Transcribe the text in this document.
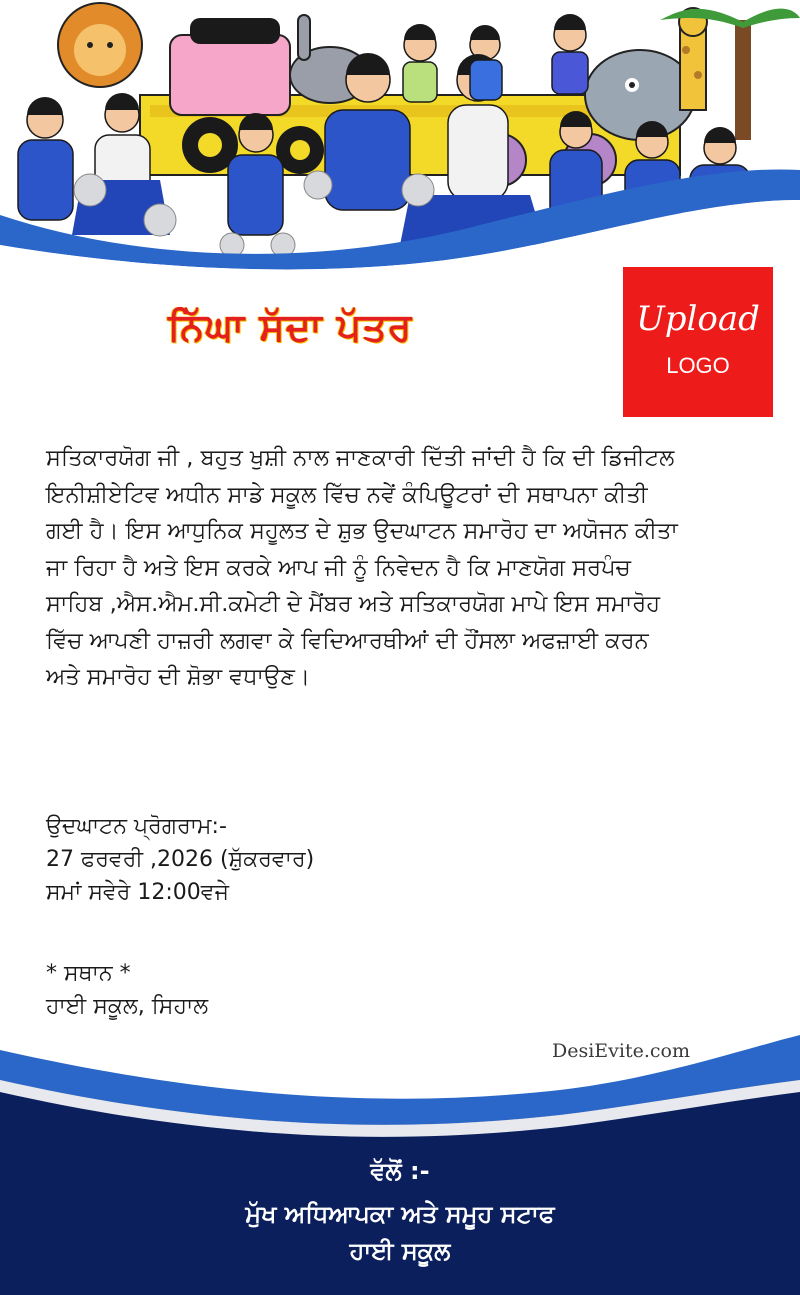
ਨਿੱਘਾ ਸੱਦਾ ਪੱਤਰ	Upload
LOGO

ਸਤਿਕਾਰਯੋਗ ਜੀ , ਬਹੁਤ ਖੁਸ਼ੀ ਨਾਲ ਜਾਣਕਾਰੀ ਦਿੱਤੀ ਜਾਂਦੀ ਹੈ ਕਿ ਦੀ ਡਿਜੀਟਲ ਇਨੀਸ਼ੀਏਟਿਵ ਅਧੀਨ ਸਾਡੇ ਸਕੂਲ ਵਿੱਚ ਨਵੇਂ ਕੰਪਿਊਟਰਾਂ ਦੀ ਸਥਾਪਨਾ ਕੀਤੀ ਗਈ ਹੈ। ਇਸ ਆਧੁਨਿਕ ਸਹੂਲਤ ਦੇ ਸ਼ੁਭ ਉਦਘਾਟਨ ਸਮਾਰੋਹ ਦਾ ਅਯੋਜਨ ਕੀਤਾ ਜਾ ਰਿਹਾ ਹੈ ਅਤੇ ਇਸ ਕਰਕੇ ਆਪ ਜੀ ਨੂੰ ਨਿਵੇਦਨ ਹੈ ਕਿ ਮਾਣਯੋਗ ਸਰਪੰਚ ਸਾਹਿਬ ,ਐਸ.ਐਮ.ਸੀ.ਕਮੇਟੀ ਦੇ ਮੈਂਬਰ ਅਤੇ ਸਤਿਕਾਰਯੋਗ ਮਾਪੇ ਇਸ ਸਮਾਰੋਹ ਵਿੱਚ ਆਪਣੀ ਹਾਜ਼ਰੀ ਲਗਵਾ ਕੇ ਵਿਦਿਆਰਥੀਆਂ ਦੀ ਹੌਂਸਲਾ ਅਫਜ਼ਾਈ ਕਰਨ ਅਤੇ ਸਮਾਰੋਹ ਦੀ ਸ਼ੋਭਾ ਵਧਾਉਣ।

ਉਦਘਾਟਨ ਪ੍ਰੋਗਰਾਮ:-
27 ਫਰਵਰੀ ,2026 (ਸ਼ੁੱਕਰਵਾਰ)
ਸਮਾਂ ਸਵੇਰੇ 12:00ਵਜੇ
* ਸਥਾਨ *
ਹਾਈ ਸਕੂਲ, ਸਿਹਾਲ
DesiEvite.com
ਵੱਲੋਂ :-
ਮੁੱਖ ਅਧਿਆਪਕਾ ਅਤੇ ਸਮੂਹ ਸਟਾਫ
ਹਾਈ ਸਕੂਲ
